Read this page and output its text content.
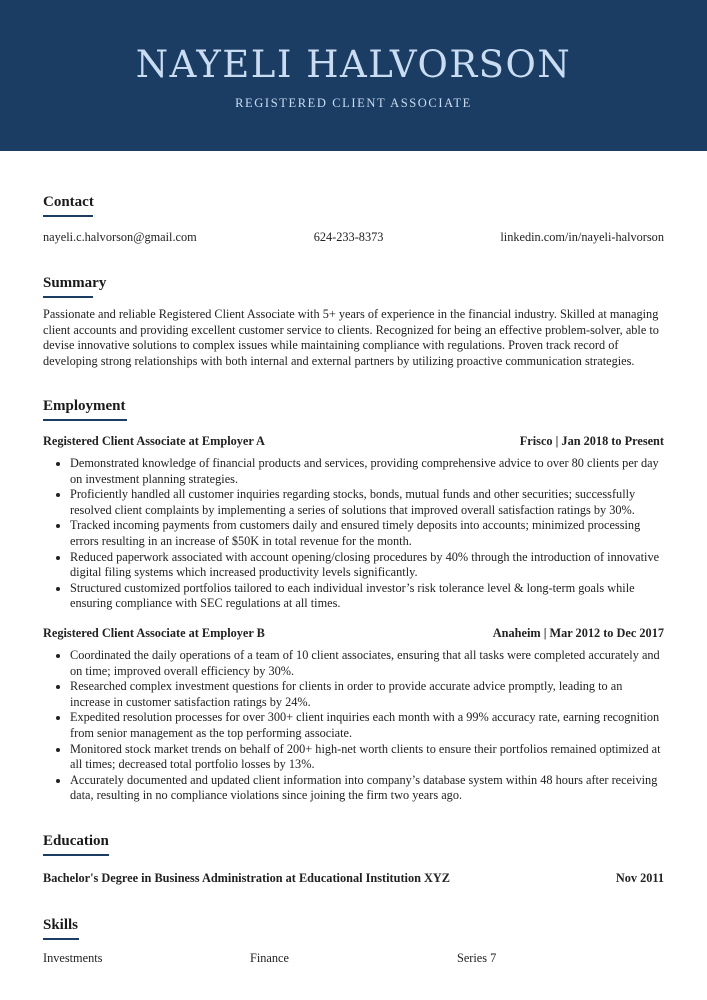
NAYELI HALVORSON
REGISTERED CLIENT ASSOCIATE
Contact
nayeli.c.halvorson@gmail.com	624-233-8373	linkedin.com/in/nayeli-halvorson
Summary

Passionate and reliable Registered Client Associate with 5+ years of experience in the financial industry. Skilled at managing client accounts and providing excellent customer service to clients. Recognized for being an effective problem-solver, able to devise innovative solutions to complex issues while maintaining compliance with regulations. Proven track record of developing strong relationships with both internal and external partners by utilizing proactive communication strategies.

Employment
Registered Client Associate at Employer A	Frisco | Jan 2018 to Present
• Demonstrated knowledge of financial products and services, providing comprehensive advice to over 80 clients per day on investment planning strategies.
• Proficiently handled all customer inquiries regarding stocks, bonds, mutual funds and other securities; successfully resolved client complaints by implementing a series of solutions that improved overall satisfaction ratings by 30%.
• Tracked incoming payments from customers daily and ensured timely deposits into accounts; minimized processing errors resulting in an increase of $50K in total revenue for the month.
• Reduced paperwork associated with account opening/closing procedures by 40% through the introduction of innovative digital filing systems which increased productivity levels significantly.
• Structured customized portfolios tailored to each individual investor’s risk tolerance level & long-term goals while ensuring compliance with SEC regulations at all times.
Registered Client Associate at Employer B	Anaheim | Mar 2012 to Dec 2017
• Coordinated the daily operations of a team of 10 client associates, ensuring that all tasks were completed accurately and on time; improved overall efficiency by 30%.
• Researched complex investment questions for clients in order to provide accurate advice promptly, leading to an increase in customer satisfaction ratings by 24%.
• Expedited resolution processes for over 300+ client inquiries each month with a 99% accuracy rate, earning recognition from senior management as the top performing associate.
• Monitored stock market trends on behalf of 200+ high-net worth clients to ensure their portfolios remained optimized at all times; decreased total portfolio losses by 13%.
• Accurately documented and updated client information into company’s database system within 48 hours after receiving data, resulting in no compliance violations since joining the firm two years ago.
Education
Bachelor's Degree in Business Administration at Educational Institution XYZ	Nov 2011
Skills
Investments	Finance	Series 7
